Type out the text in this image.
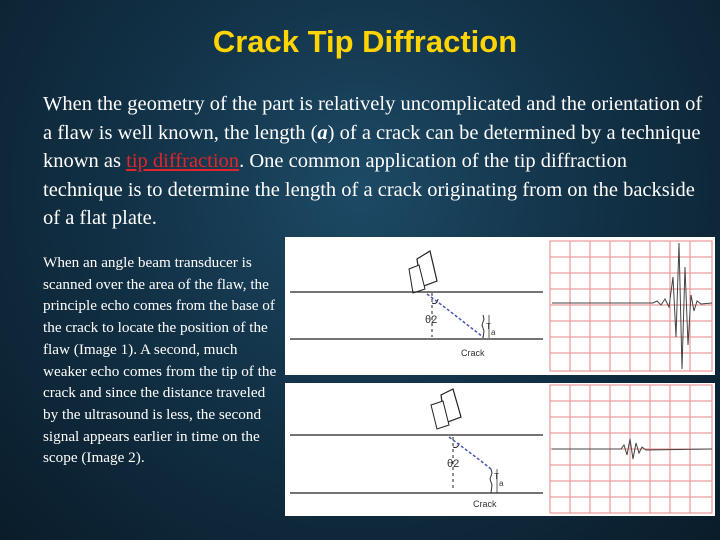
Crack Tip Diffraction
When the geometry of the part is relatively uncomplicated and the orientation of a flaw is well known, the length (a) of a crack can be determined by a technique known as tip diffraction. One common application of the tip diffraction technique is to determine the length of a crack originating from on the backside of a flat plate.
When an angle beam transducer is scanned over the area of the flaw, the principle echo comes from the base of the crack to locate the position of the flaw (Image 1). A second, much weaker echo comes from the tip of the crack and since the distance traveled by the ultrasound is less, the second signal appears earlier in time on the scope (Image 2).
θ2
T
a
Crack
θ2
T
a
Crack
